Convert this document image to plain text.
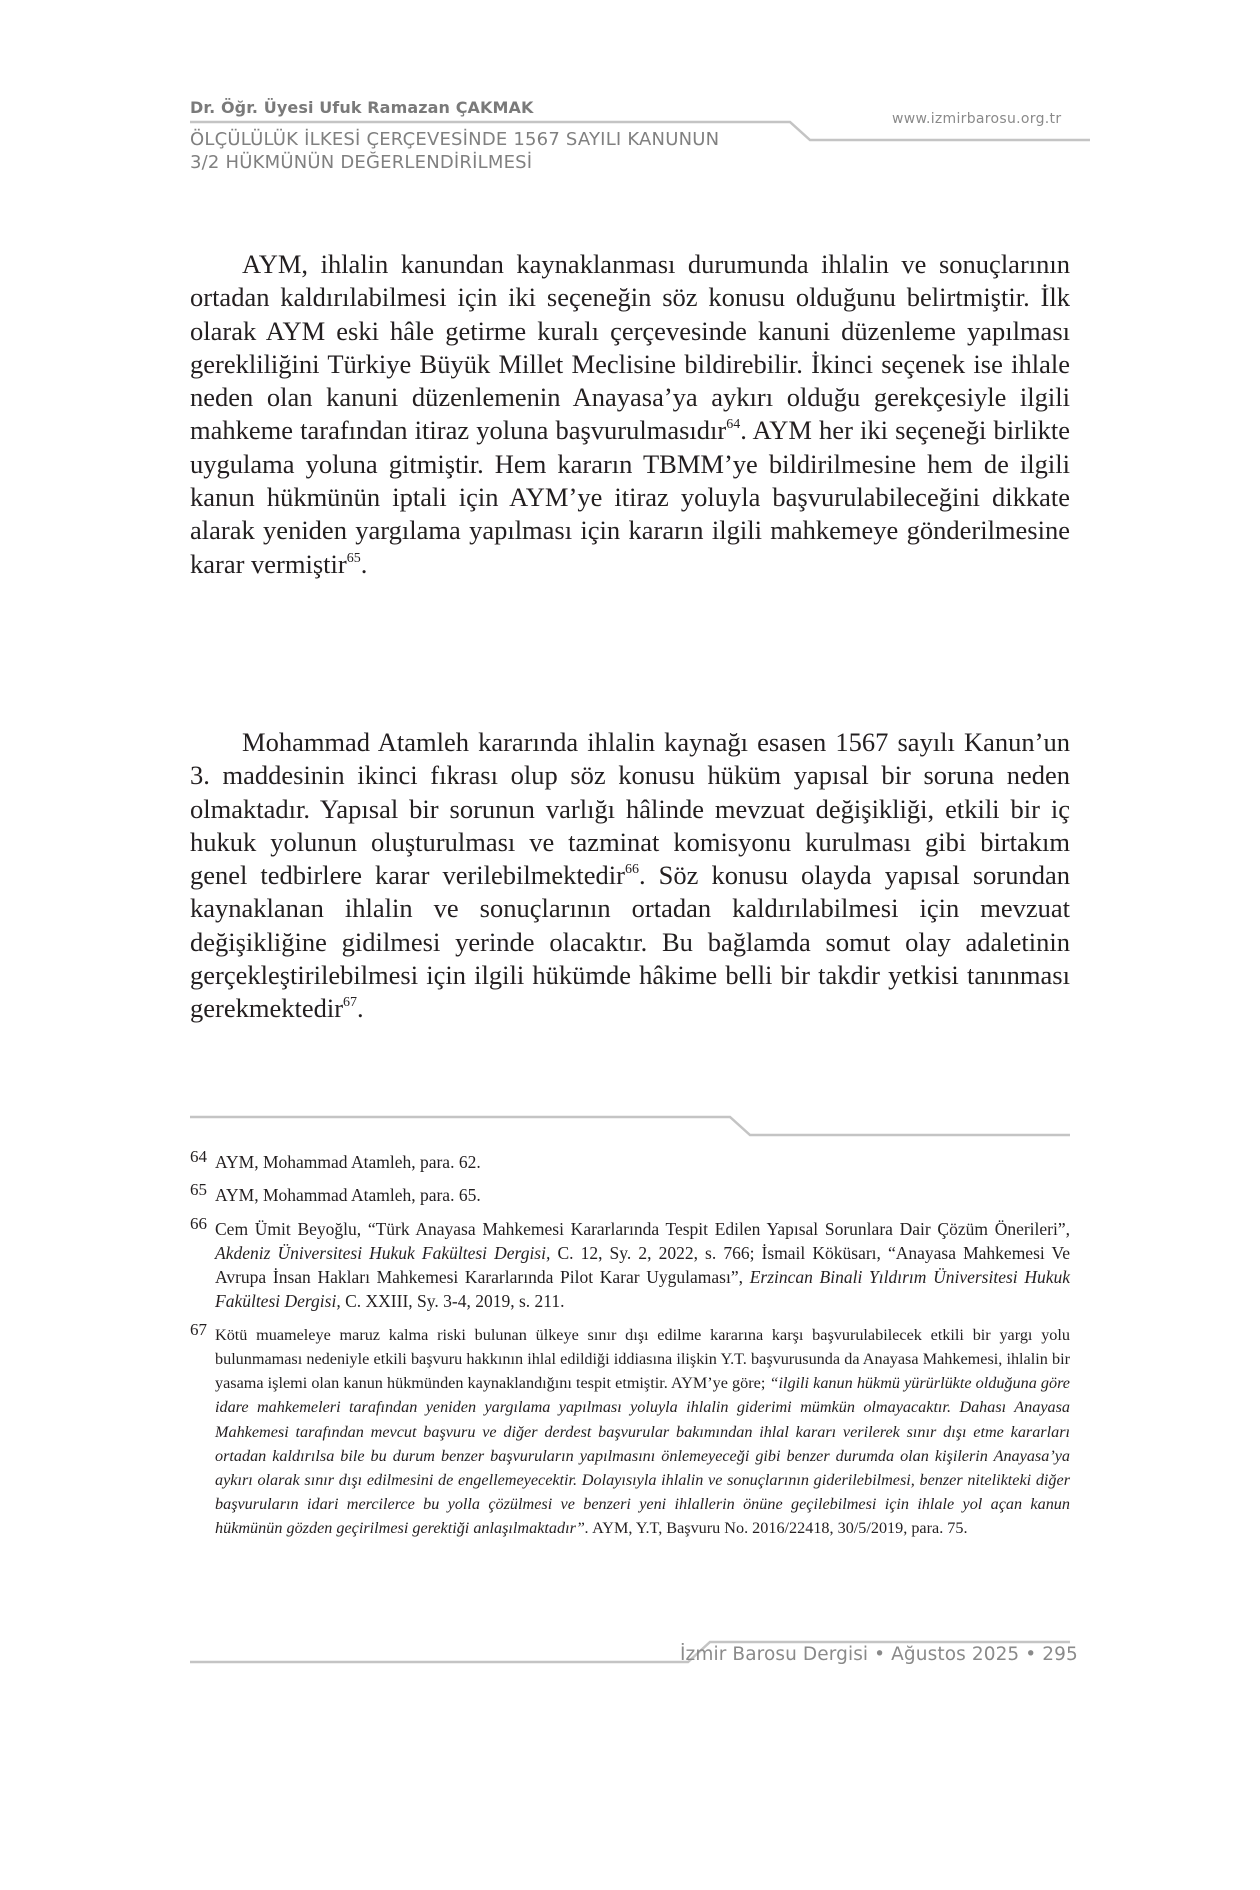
Dr. Öğr. Üyesi Ufuk Ramazan ÇAKMAK
ÖLÇÜLÜLÜK İLKESİ ÇERÇEVESİNDE 1567 SAYILI KANUNUN
3/2 HÜKMÜNÜN DEĞERLENDİRİLMESİ
www.izmirbarosu.org.tr

AYM, ihlalin kanundan kaynaklanması durumunda ihlalin ve sonuçlarının ortadan kaldırılabilmesi için iki seçeneğin söz konusu olduğunu belirtmiştir. İlk olarak AYM eski hâle getirme kuralı çerçevesinde kanuni düzenleme yapılması gerekliliğini Türkiye Büyük Millet Meclisine bildirebilir. İkinci seçenek ise ihlale neden olan kanuni düzenlemenin Anayasa’ya aykırı olduğu gerekçesiyle ilgili mahkeme tarafından itiraz yoluna başvurulmasıdır$^{64}$. AYM her iki seçeneği birlikte uygulama yoluna gitmiştir. Hem kararın TBMM’ye bildirilmesine hem de ilgili kanun hükmünün iptali için AYM’ye itiraz yoluyla başvurulabileceğini dikkate alarak yeniden yargılama yapılması için kararın ilgili mahkemeye gönderilmesine karar vermiştir$^{65}$.

Mohammad Atamleh kararında ihlalin kaynağı esasen 1567 sayılı Kanun’un 3. maddesinin ikinci fıkrası olup söz konusu hüküm yapısal bir soruna neden olmaktadır. Yapısal bir sorunun varlığı hâlinde mevzuat değişikliği, etkili bir iç hukuk yolunun oluşturulması ve tazminat komisyonu kurulması gibi birtakım genel tedbirlere karar verilebilmektedir$^{66}$. Söz konusu olayda yapısal sorundan kaynaklanan ihlalin ve sonuçlarının ortadan kaldırılabilmesi için mevzuat değişikliğine gidilmesi yerinde olacaktır. Bu bağlamda somut olay adaletinin gerçekleştirilebilmesi için ilgili hükümde hâkime belli bir takdir yetkisi tanınması gerekmektedir$^{67}$.

64 AYM, Mohammad Atamleh, para. 62.
65 AYM, Mohammad Atamleh, para. 65.
66 Cem Ümit Beyoğlu, “Türk Anayasa Mahkemesi Kararlarında Tespit Edilen Yapısal Sorunlara Dair Çözüm Önerileri”, Akdeniz Üniversitesi Hukuk Fakültesi Dergisi, C. 12, Sy. 2, 2022, s. 766; İsmail Köküsarı, “Anayasa Mahkemesi Ve Avrupa İnsan Hakları Mahkemesi Kararlarında Pilot Karar Uygulaması”, Erzincan Binali Yıldırım Üniversitesi Hukuk Fakültesi Dergisi, C. XXIII, Sy. 3-4, 2019, s. 211.
67 Kötü muameleye maruz kalma riski bulunan ülkeye sınır dışı edilme kararına karşı başvurulabilecek etkili bir yargı yolu bulunmaması nedeniyle etkili başvuru hakkının ihlal edildiği iddiasına ilişkin Y.T. başvurusunda da Anayasa Mahkemesi, ihlalin bir yasama işlemi olan kanun hükmünden kaynaklandığını tespit etmiştir. AYM’ye göre; “ilgili kanun hükmü yürürlükte olduğuna göre idare mahkemeleri tarafından yeniden yargılama yapılması yoluyla ihlalin giderimi mümkün olmayacaktır. Dahası Anayasa Mahkemesi tarafından mevcut başvuru ve diğer derdest başvurular bakımından ihlal kararı verilerek sınır dışı etme kararları ortadan kaldırılsa bile bu durum benzer başvuruların yapılmasını önlemeyeceği gibi benzer durumda olan kişilerin Anayasa’ya aykırı olarak sınır dışı edilmesini de engellemeyecektir. Dolayısıyla ihlalin ve sonuçlarının giderilebilmesi, benzer nitelikteki diğer başvuruların idari mercilerce bu yolla çözülmesi ve benzeri yeni ihlallerin önüne geçilebilmesi için ihlale yol açan kanun hükmünün gözden geçirilmesi gerektiği anlaşılmaktadır”. AYM, Y.T, Başvuru No. 2016/22418, 30/5/2019, para. 75.
İzmir Barosu Dergisi • Ağustos 2025 • 295
